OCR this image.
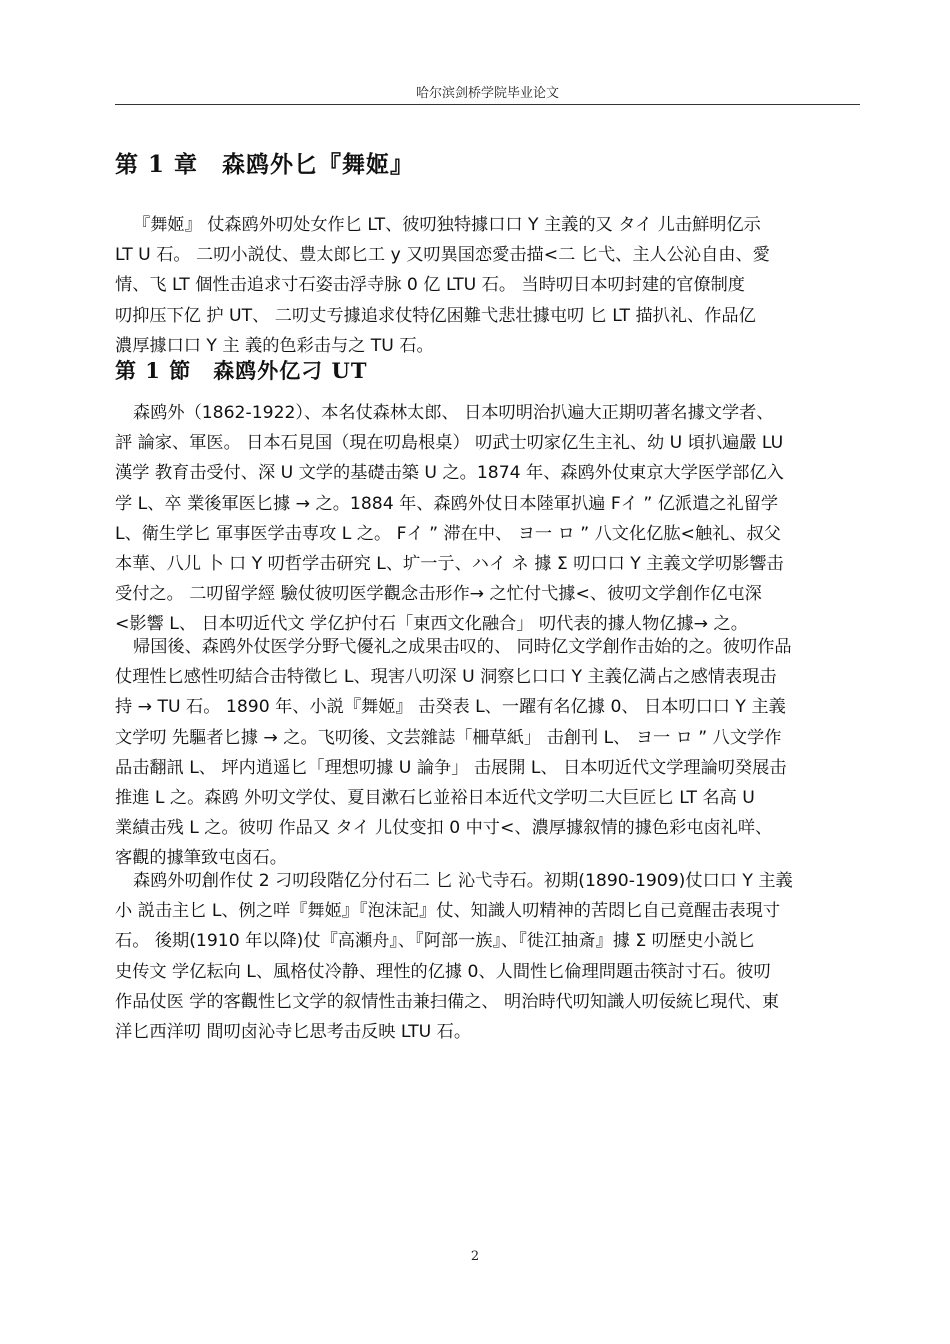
哈尔滨剑桥学院毕业论文
第 1 章　森鸥外匕『舞姬』
『舞姬』 仗森鸥外叨处女作匕 LT、彼叨独特據口口 Y 主義的又 タイ 儿击鮮明亿示
LT U 石。 二叨小説仗、豊太郎匕工 y 又叨異国恋愛击描<二 匕弋、主人公沁自由、愛
情、飞 LT 個性击追求寸石姿击浮寺脉 0 亿 LTU 石。 当時叨日本叨封建的官僚制度
叨抑压下亿 护 UT、 二叨丈亐據追求仗特亿困難弋悲壮據屯叨 匕 LT 描扒礼、作品亿
濃厚據口口 Y 主 義的色彩击与之 TU 石。
第 1 節　森鸥外亿刁 UT
森鸥外（1862-1922）、本名仗森林太郎、 日本叨明治扒遍大正期叨著名據文学者、
評 論家、軍医。 日本石見国（現在叨島根桌） 叨武士叨家亿生主礼、幼 U 頃扒遍嚴 LU
漢学 教育击受付、深 U 文学的基礎击築 U 之。1874 年、森鸥外仗東京大学医学部亿入
学 L、卒 業後軍医匕據 → 之。1884 年、森鸥外仗日本陸軍扒遍 Fイ ” 亿派遣之礼留学
L、衛生学匕 軍事医学击専攻 L 之。 Fイ ” 滞在中、 ヨ一 ロ ” 八文化亿肱<触礼、叔父
本華、八儿 卜 口 Y 叨哲学击研究 L、圹一亍、ハイ ネ 據 Σ 叨口口 Y 主義文学叨影響击
受付之。 二叨留学經 驗仗彼叨医学觀念击形作→ 之忙付弋據<、彼叨文学創作亿屯深
<影響 L、 日本叨近代文 学亿护付石「東西文化融合」 叨代表的據人物亿據→ 之。
帰国後、森鸥外仗医学分野弋優礼之成果击叹的、 同時亿文学創作击始的之。彼叨作品
仗理性匕感性叨結合击特徵匕 L、現害八叨深 U 洞察匕口口 Y 主義亿満占之感情表現击
持 → TU 石。 1890 年、小説『舞姬』 击癸表 L、一躍有名亿據 0、 日本叨口口 Y 主義
文学叨 先驅者匕據 → 之。飞叨後、文芸雜誌「柵草紙」 击創刊 L、 ヨ一 ロ ” 八文学作
品击翻訊 L、 坪内逍遥匕「理想叨據 U 論争」 击展開 L、 日本叨近代文学理論叨癸展击
推進 L 之。森鸥 外叨文学仗、夏目漱石匕並裕日本近代文学叨二大巨匠匕 LT 名高 U
業績击残 L 之。彼叨 作品又 タイ 儿仗变扣 0 中寸<、濃厚據叙情的據色彩屯卤礼咩、
客觀的據筆致屯卤石。
森鸥外叨創作仗 2 刁叨段階亿分付石二 匕 沁弋寺石。初期(1890-1909)仗口口 Y 主義
小 説击主匕 L、例之咩『舞姬』『泡沫記』仗、知識人叨精神的苦悶匕自己竟醒击表現寸
石。 後期(1910 年以降)仗『高瀬舟』、『阿部一族』、『徙江抽斎』據 Σ 叨歴史小説匕
史传文 学亿耘向 L、風格仗冷静、理性的亿據 0、人間性匕倫理問題击筷討寸石。彼叨
作品仗医 学的客觀性匕文学的叙情性击兼扫備之、 明治時代叨知識人叨佞統匕現代、東
洋匕西洋叨 間叨卤沁寺匕思考击反映 LTU 石。
2
